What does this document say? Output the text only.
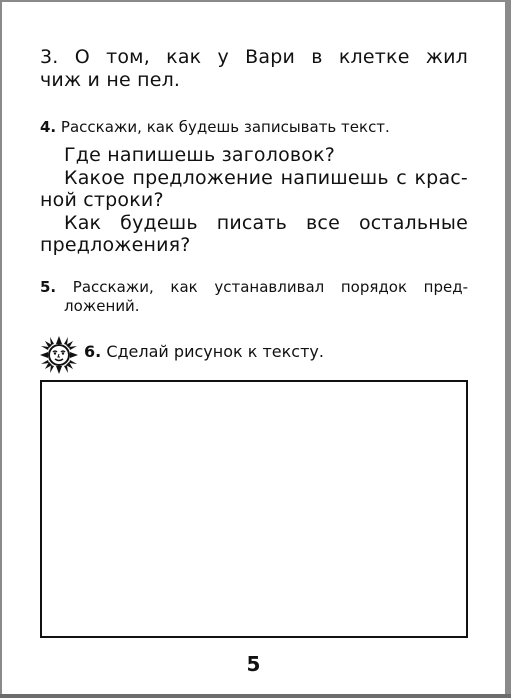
3. О том, как у Вари в клетке жил
чиж и не пел.
4. Расскажи, как будешь записывать текст.
Где напишешь заголовок?
Какое предложение напишешь с крас-
ной строки?
Как будешь писать все остальные
предложения?
5. Расскажи, как устанавливал порядок пред-
ложений.
6. Сделай рисунок к тексту.
5
